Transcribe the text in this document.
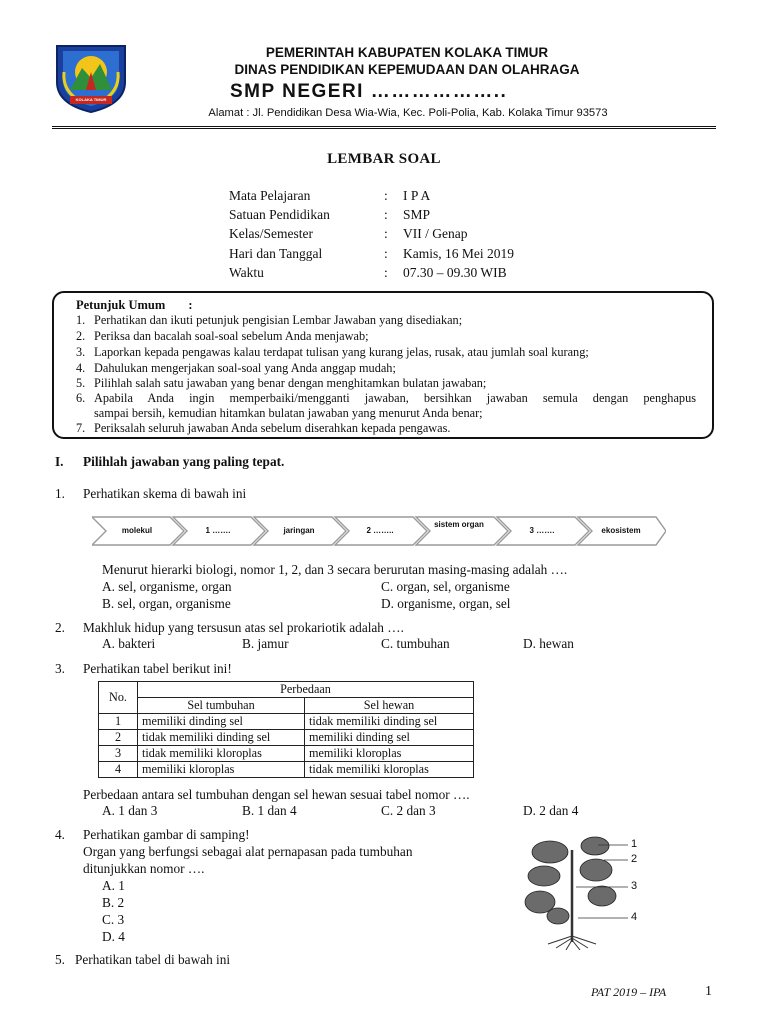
KOLAKA TIMUR
PEMERINTAH KABUPATEN KOLAKA TIMUR
DINAS PENDIDIKAN KEPEMUDAAN DAN OLAHRAGA
SMP NEGERI ………………..
Alamat : Jl. Pendidikan Desa Wia-Wia, Kec. Poli-Polia, Kab. Kolaka Timur 93573
LEMBAR SOAL
Mata Pelajaran	: I P A
Satuan Pendidikan	: SMP
Kelas/Semester	: VII / Genap
Hari dan Tanggal	: Kamis, 16 Mei 2019
Waktu	: 07.30 – 09.30 WIB
Petunjuk Umum :
1. Perhatikan dan ikuti petunjuk pengisian Lembar Jawaban yang disediakan;
2. Periksa dan bacalah soal-soal sebelum Anda menjawab;
3. Laporkan kepada pengawas kalau terdapat tulisan yang kurang jelas, rusak, atau jumlah soal kurang;
4. Dahulukan mengerjakan soal-soal yang Anda anggap mudah;
5. Pilihlah salah satu jawaban yang benar dengan menghitamkan bulatan jawaban;
6. Apabila Anda ingin memperbaiki/mengganti jawaban, bersihkan jawaban semula dengan penghapus
sampai bersih, kemudian hitamkan bulatan jawaban yang menurut Anda benar;
7. Periksalah seluruh jawaban Anda sebelum diserahkan kepada pengawas.
I. Pilihlah jawaban yang paling tepat.
1. Perhatikan skema di bawah ini
molekul	1 …….	jaringan	2 ……..
sistem organ
3 …….	ekosistem
Menurut hierarki biologi, nomor 1, 2, dan 3 secara berurutan masing-masing adalah ….
A. sel, organisme, organ	C. organ, sel, organisme
B. sel, organ, organisme	D. organisme, organ, sel
2. Makhluk hidup yang tersusun atas sel prokariotik adalah ….
A. bakteri	B. jamur	C. tumbuhan	D. hewan
3. Perhatikan tabel berikut ini!
No.	Perbedaan	
	Sel tumbuhan	Sel hewan
1	memiliki dinding sel	tidak memiliki dinding sel
2	tidak memiliki dinding sel	memiliki dinding sel
3	tidak memiliki kloroplas	memiliki kloroplas
4	memiliki kloroplas	tidak memiliki kloroplas
Perbedaan antara sel tumbuhan dengan sel hewan sesuai tabel nomor ….
A. 1 dan 3	B. 1 dan 4	C. 2 dan 3	D. 2 dan 4
4. Perhatikan gambar di samping!
Organ yang berfungsi sebagai alat pernapasan pada tumbuhan
ditunjukkan nomor ….
A. 1
B. 2
C. 3
D. 4
1
2
3
4
5. Perhatikan tabel di bawah ini
PAT 2019 – IPA	1
